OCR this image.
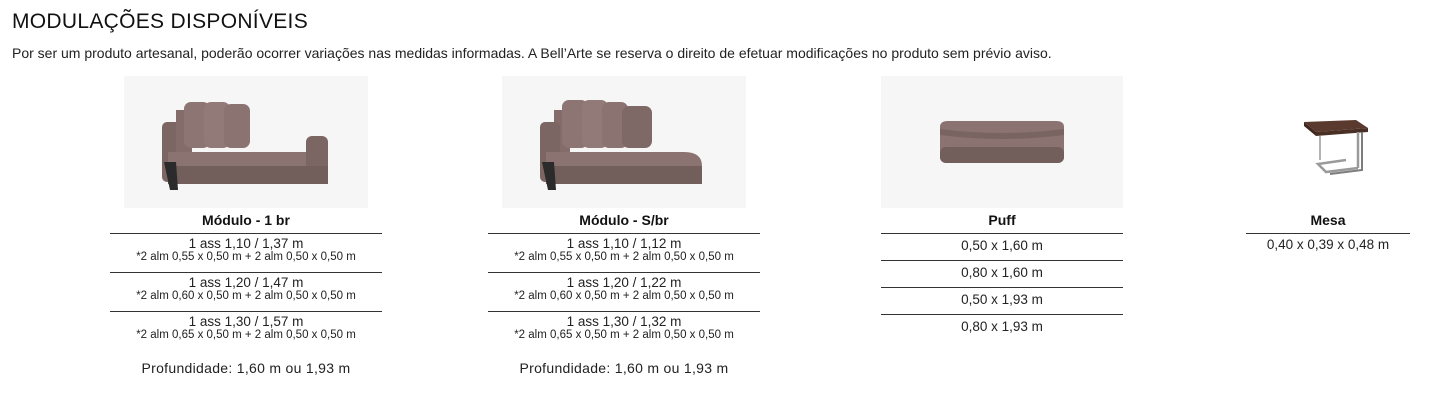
MODULAÇÕES DISPONÍVEIS
Por ser um produto artesanal, poderão ocorrer variações nas medidas informadas. A Bell’Arte se reserva o direito de efetuar modificações no produto sem prévio aviso.
Módulo - 1 br
1 ass 1,10 / 1,37 m
*2 alm 0,55 x 0,50 m + 2 alm 0,50 x 0,50 m
1 ass 1,20 / 1,47 m
*2 alm 0,60 x 0,50 m + 2 alm 0,50 x 0,50 m
1 ass 1,30 / 1,57 m
*2 alm 0,65 x 0,50 m + 2 alm 0,50 x 0,50 m
Profundidade: 1,60 m ou 1,93 m
Módulo - S/br
1 ass 1,10 / 1,12 m
*2 alm 0,55 x 0,50 m + 2 alm 0,50 x 0,50 m
1 ass 1,20 / 1,22 m
*2 alm 0,60 x 0,50 m + 2 alm 0,50 x 0,50 m
1 ass 1,30 / 1,32 m
*2 alm 0,65 x 0,50 m + 2 alm 0,50 x 0,50 m
Profundidade: 1,60 m ou 1,93 m
Puff
0,50 x 1,60 m
0,80 x 1,60 m
0,50 x 1,93 m
0,80 x 1,93 m
Mesa
0,40 x 0,39 x 0,48 m
